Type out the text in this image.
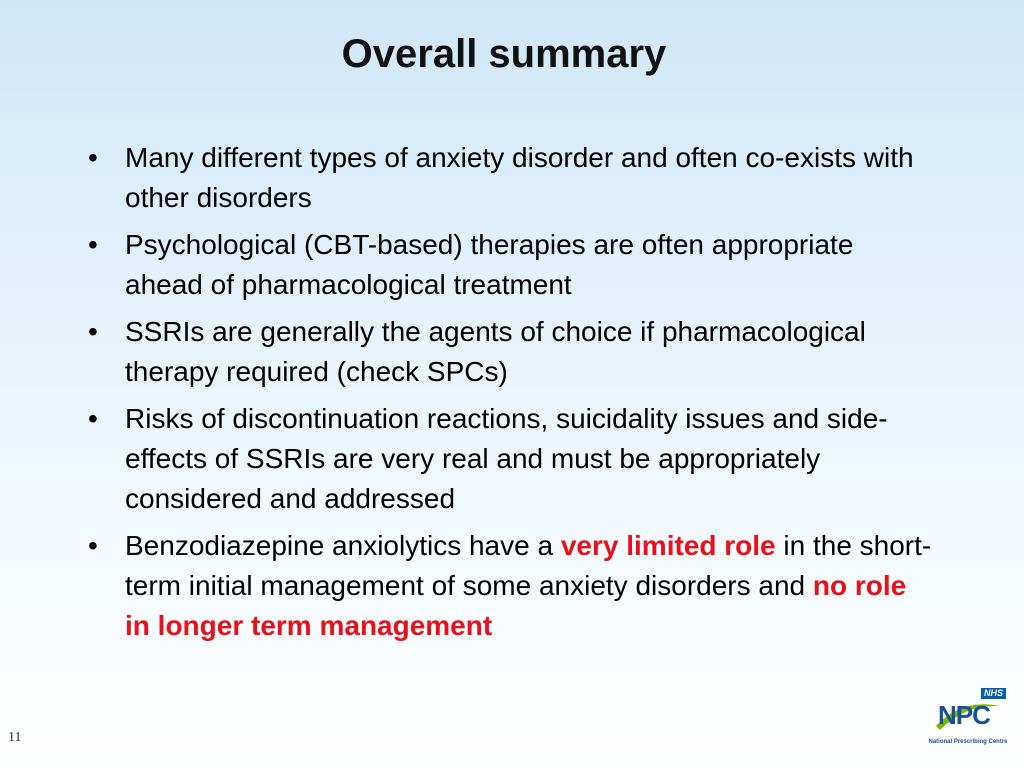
Overall summary
• Many different types of anxiety disorder and often co-exists with other disorders
• Psychological (CBT-based) therapies are often appropriate ahead of pharmacological treatment
• SSRIs are generally the agents of choice if pharmacological therapy required (check SPCs)
• Risks of discontinuation reactions, suicidality issues and side-effects of SSRIs are very real and must be appropriately considered and addressed
• Benzodiazepine anxiolytics have a very limited role in the short-term initial management of some anxiety disorders and no role in longer term management
11
NHS
NPC
National Prescribing Centre
